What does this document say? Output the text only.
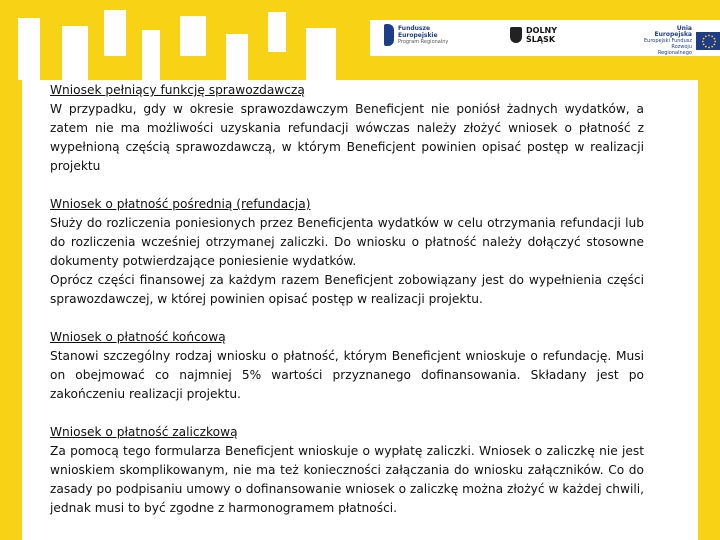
Fundusze
Europejskie
Program Regionalny
DOLNY
ŚLĄSK
Unia Europejska
Europejski Fundusz
Rozwoju Regionalnego
Wniosek pełniący funkcję sprawozdawczą

W przypadku, gdy w okresie sprawozdawczym Beneficjent nie poniósł żadnych wydatków, a zatem nie ma możliwości uzyskania refundacji wówczas należy złożyć wniosek o płatność z wypełnioną częścią sprawozdawczą, w którym Beneficjent powinien opisać postęp w realizacji projektu

Wniosek o płatność pośrednią (refundacja)

Służy do rozliczenia poniesionych przez Beneficjenta wydatków w celu otrzymania refundacji lub do rozliczenia wcześniej otrzymanej zaliczki. Do wniosku o płatność należy dołączyć stosowne dokumenty potwierdzające poniesienie wydatków.

Oprócz części finansowej za każdym razem Beneficjent zobowiązany jest do wypełnienia części sprawozdawczej, w której powinien opisać postęp w realizacji projektu.

Wniosek o płatność końcową

Stanowi szczególny rodzaj wniosku o płatność, którym Beneficjent wnioskuje o refundację. Musi on obejmować co najmniej 5% wartości przyznanego dofinansowania. Składany jest po zakończeniu realizacji projektu.

Wniosek o płatność zaliczkową

Za pomocą tego formularza Beneficjent wnioskuje o wypłatę zaliczki. Wniosek o zaliczkę nie jest wnioskiem skomplikowanym, nie ma też konieczności załączania do wniosku załączników. Co do zasady po podpisaniu umowy o dofinansowanie wniosek o zaliczkę można złożyć w każdej chwili, jednak musi to być zgodne z harmonogramem płatności.
